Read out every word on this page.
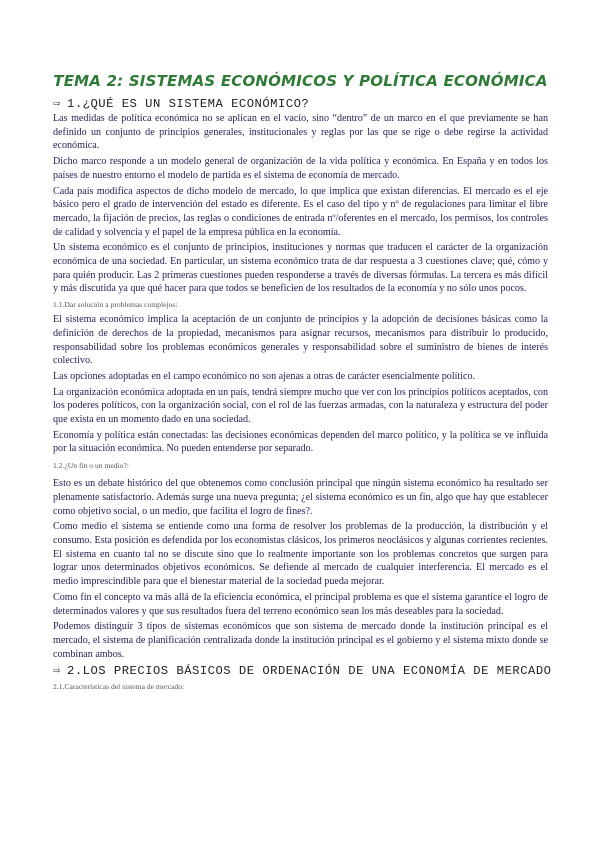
TEMA 2: SISTEMAS ECONÓMICOS Y POLÍTICA ECONÓMICA
⇨ 1.¿QUÉ ES UN SISTEMA ECONÓMICO?

Las medidas de política económica no se aplican en el vacío, sino “dentro” de un marco en el que previamente se han definido un conjunto de principios generales, institucionales y reglas por las que se rige o debe regirse la actividad económica.

Dicho marco responde a un modelo general de organización de la vida política y económica. En España y en todos los países de nuestro entorno el modelo de partida es el sistema de economía de mercado.

Cada país modifica aspectos de dicho modelo de mercado, lo que implica que existan diferencias. El mercado es el eje básico pero el grado de intervención del estado es diferente. Es el caso del tipo y nº de regulaciones para limitar el libre mercado, la fijación de precios, las reglas o condiciones de entrada nº/oferentes en el mercado, los permisos, los controles de calidad y solvencia y el papel de la empresa pública en la economía.

Un sistema económico es el conjunto de principios, instituciones y normas que traducen el carácter de la organización económica de una sociedad. En particular, un sistema económico trata de dar respuesta a 3 cuestiones clave; qué, cómo y para quién producir. Las 2 primeras cuestiones pueden responderse a través de diversas fórmulas. La tercera es más difícil y más discutida ya que qué hacer para que todos se beneficien de los resultados de la economía y no sólo unos pocos.

1.1.Dar solución a problemas complejos:

El sistema económico implica la aceptación de un conjunto de principios y la adopción de decisiones básicas como la definición de derechos de la propiedad, mecanismos para asignar recursos, mecanismos para distribuir lo producido, responsabilidad sobre los problemas económicos generales y responsabilidad sobre el suministro de bienes de interés colectivo.

Las opciones adoptadas en el campo económico no son ajenas a otras de carácter esencialmente político.

La organización económica adoptada en un país, tendrá siempre mucho que ver con los principios políticos aceptados, con los poderes políticos, con la organización social, con el rol de las fuerzas armadas, con la naturaleza y estructura del poder que exista en un momento dado en una sociedad.

Economía y política están conectadas: las decisiones económicas dependen del marco político, y la política se ve influida por la situación económica. No pueden entenderse por separado.

1.2.¿Un fin o un medio?:

Esto es un debate histórico del que obtenemos como conclusión principal que ningún sistema económico ha resultado ser plenamente satisfactorio. Además surge una nueva pregunta; ¿el sistema económico es un fin, algo que hay que establecer como objetivo social, o un medio, que facilita el logro de fines?.

Como medio el sistema se entiende como una forma de resolver los problemas de la producción, la distribución y el consumo. Esta posición es defendida por los economistas clásicos, los primeros neoclásicos y algunas corrientes recientes. El sistema en cuanto tal no se discute sino que lo realmente importante son los problemas concretos que surgen para lograr unos determinados objetivos económicos. Se defiende al mercado de cualquier interferencia. El mercado es el medio imprescindible para que el bienestar material de la sociedad pueda mejorar.

Como fin el concepto va más allá de la eficiencia económica, el principal problema es que el sistema garantice el logro de determinados valores y que sus resultados fuera del terreno económico sean los más deseables para la sociedad.

Podemos distinguir 3 tipos de sistemas económicos que son sistema de mercado donde la institución principal es el mercado, el sistema de planificación centralizada donde la institución principal es el gobierno y el sistema mixto donde se combinan ambos.

⇨ 2.LOS PRECIOS BÁSICOS DE ORDENACIÓN DE UNA ECONOMÍA DE MERCADO
2.1.Características del sistema de mercado:
